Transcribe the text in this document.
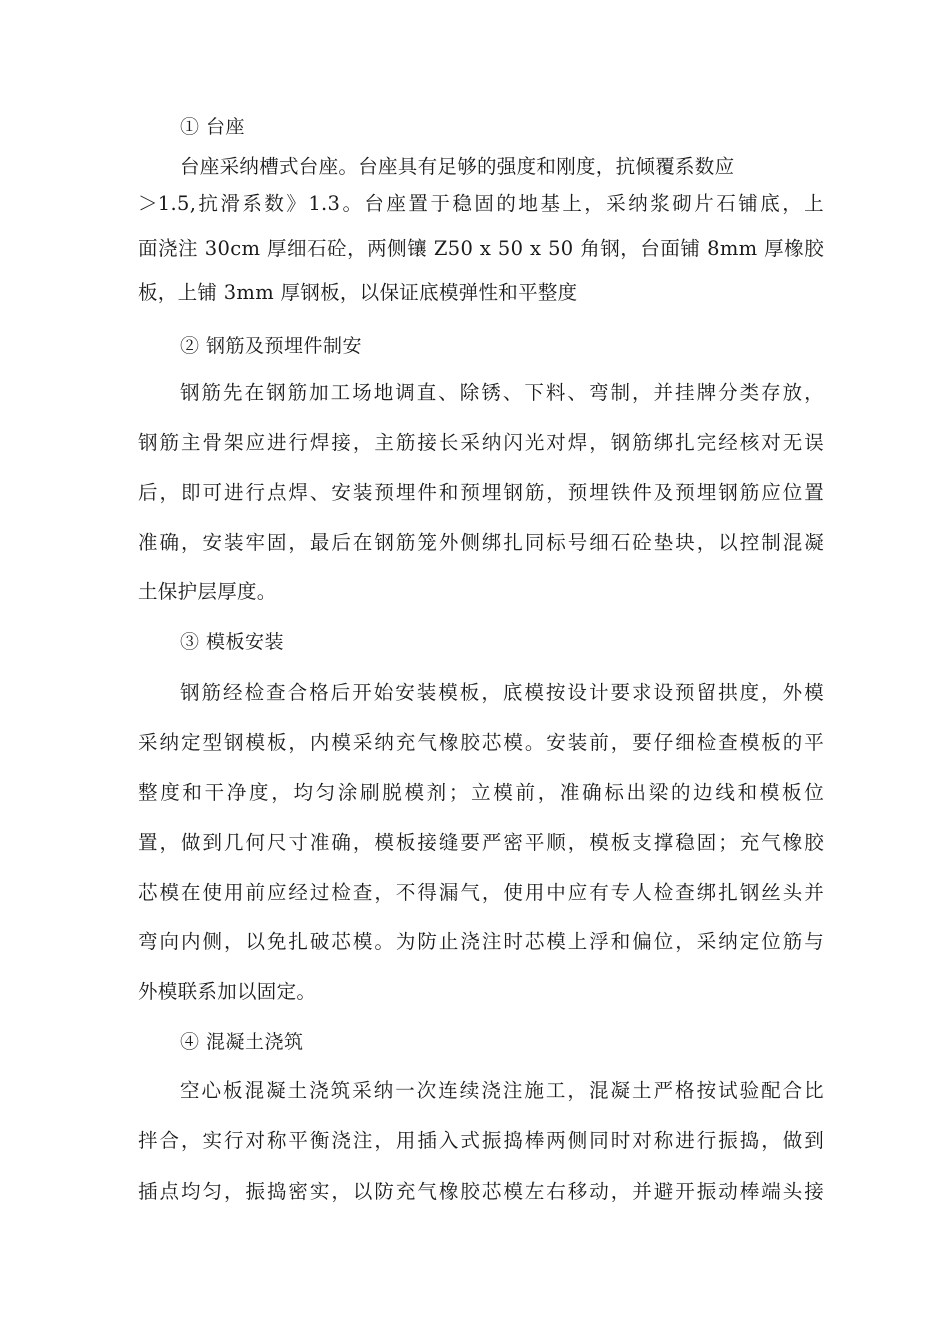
① 台座
台座采纳槽式台座。台座具有足够的强度和刚度，抗倾覆系数应
＞1.5,抗滑系数》1.3。台座置于稳固的地基上，采纳浆砌片石铺底，上
面浇注 30cm 厚细石砼，两侧镶 Z50 x 50 x 50 角钢，台面铺 8mm 厚橡胶
板，上铺 3mm 厚钢板，以保证底模弹性和平整度
② 钢筋及预埋件制安
钢筋先在钢筋加工场地调直、除锈、下料、弯制，并挂牌分类存放，
钢筋主骨架应进行焊接，主筋接长采纳闪光对焊，钢筋绑扎完经核对无误
后，即可进行点焊、安装预埋件和预埋钢筋，预埋铁件及预埋钢筋应位置
准确，安装牢固，最后在钢筋笼外侧绑扎同标号细石砼垫块，以控制混凝
土保护层厚度。
③ 模板安装
钢筋经检查合格后开始安装模板，底模按设计要求设预留拱度，外模
采纳定型钢模板，内模采纳充气橡胶芯模。安装前，要仔细检查模板的平
整度和干净度，均匀涂刷脱模剂；立模前，准确标出梁的边线和模板位
置，做到几何尺寸准确，模板接缝要严密平顺，模板支撑稳固；充气橡胶
芯模在使用前应经过检查，不得漏气，使用中应有专人检查绑扎钢丝头并
弯向内侧，以免扎破芯模。为防止浇注时芯模上浮和偏位，采纳定位筋与
外模联系加以固定。
④ 混凝土浇筑
空心板混凝土浇筑采纳一次连续浇注施工，混凝土严格按试验配合比
拌合，实行对称平衡浇注，用插入式振捣棒两侧同时对称进行振捣，做到
插点均匀，振捣密实，以防充气橡胶芯模左右移动，并避开振动棒端头接
